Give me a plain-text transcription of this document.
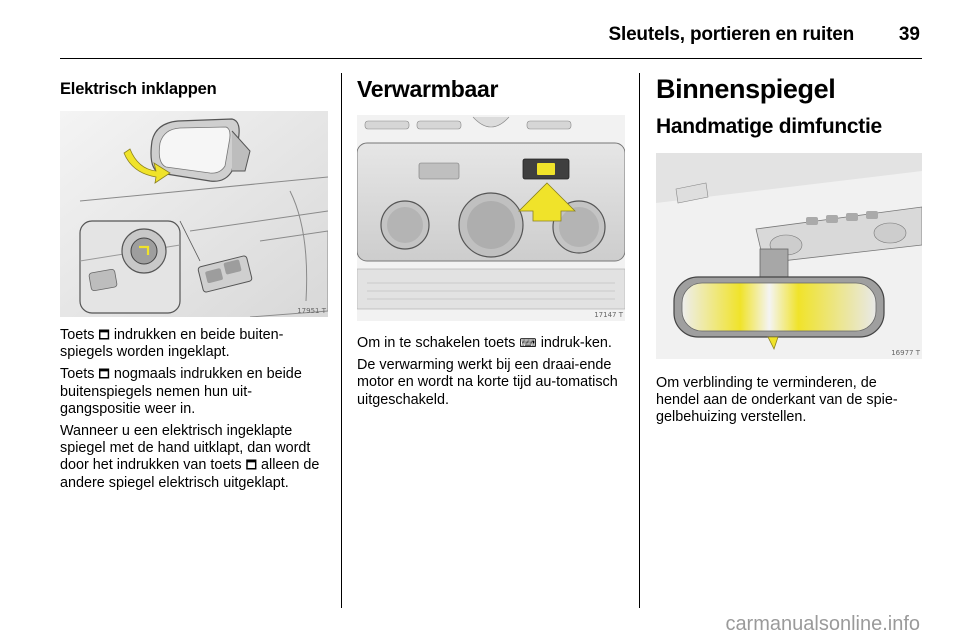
Sleutels, portieren en ruiten 39
Elektrisch inklappen
17951 T

Toets 🗖 indrukken en beide buiten-spiegels worden ingeklapt.

Toets 🗖 nogmaals indrukken en beide buitenspiegels nemen hun uit-gangspositie weer in.

Wanneer u een elektrisch ingeklapte spiegel met de hand uitklapt, dan wordt door het indrukken van toets 🗖 alleen de andere spiegel elektrisch uitgeklapt.

Verwarmbaar
17147 T

Om in te schakelen toets ⌨ indruk-ken.

De verwarming werkt bij een draai-ende motor en wordt na korte tijd au-tomatisch uitgeschakeld.

Binnenspiegel
Handmatige dimfunctie
16977 T

Om verblinding te verminderen, de hendel aan de onderkant van de spie-gelbehuizing verstellen.

carmanualsonline.info
